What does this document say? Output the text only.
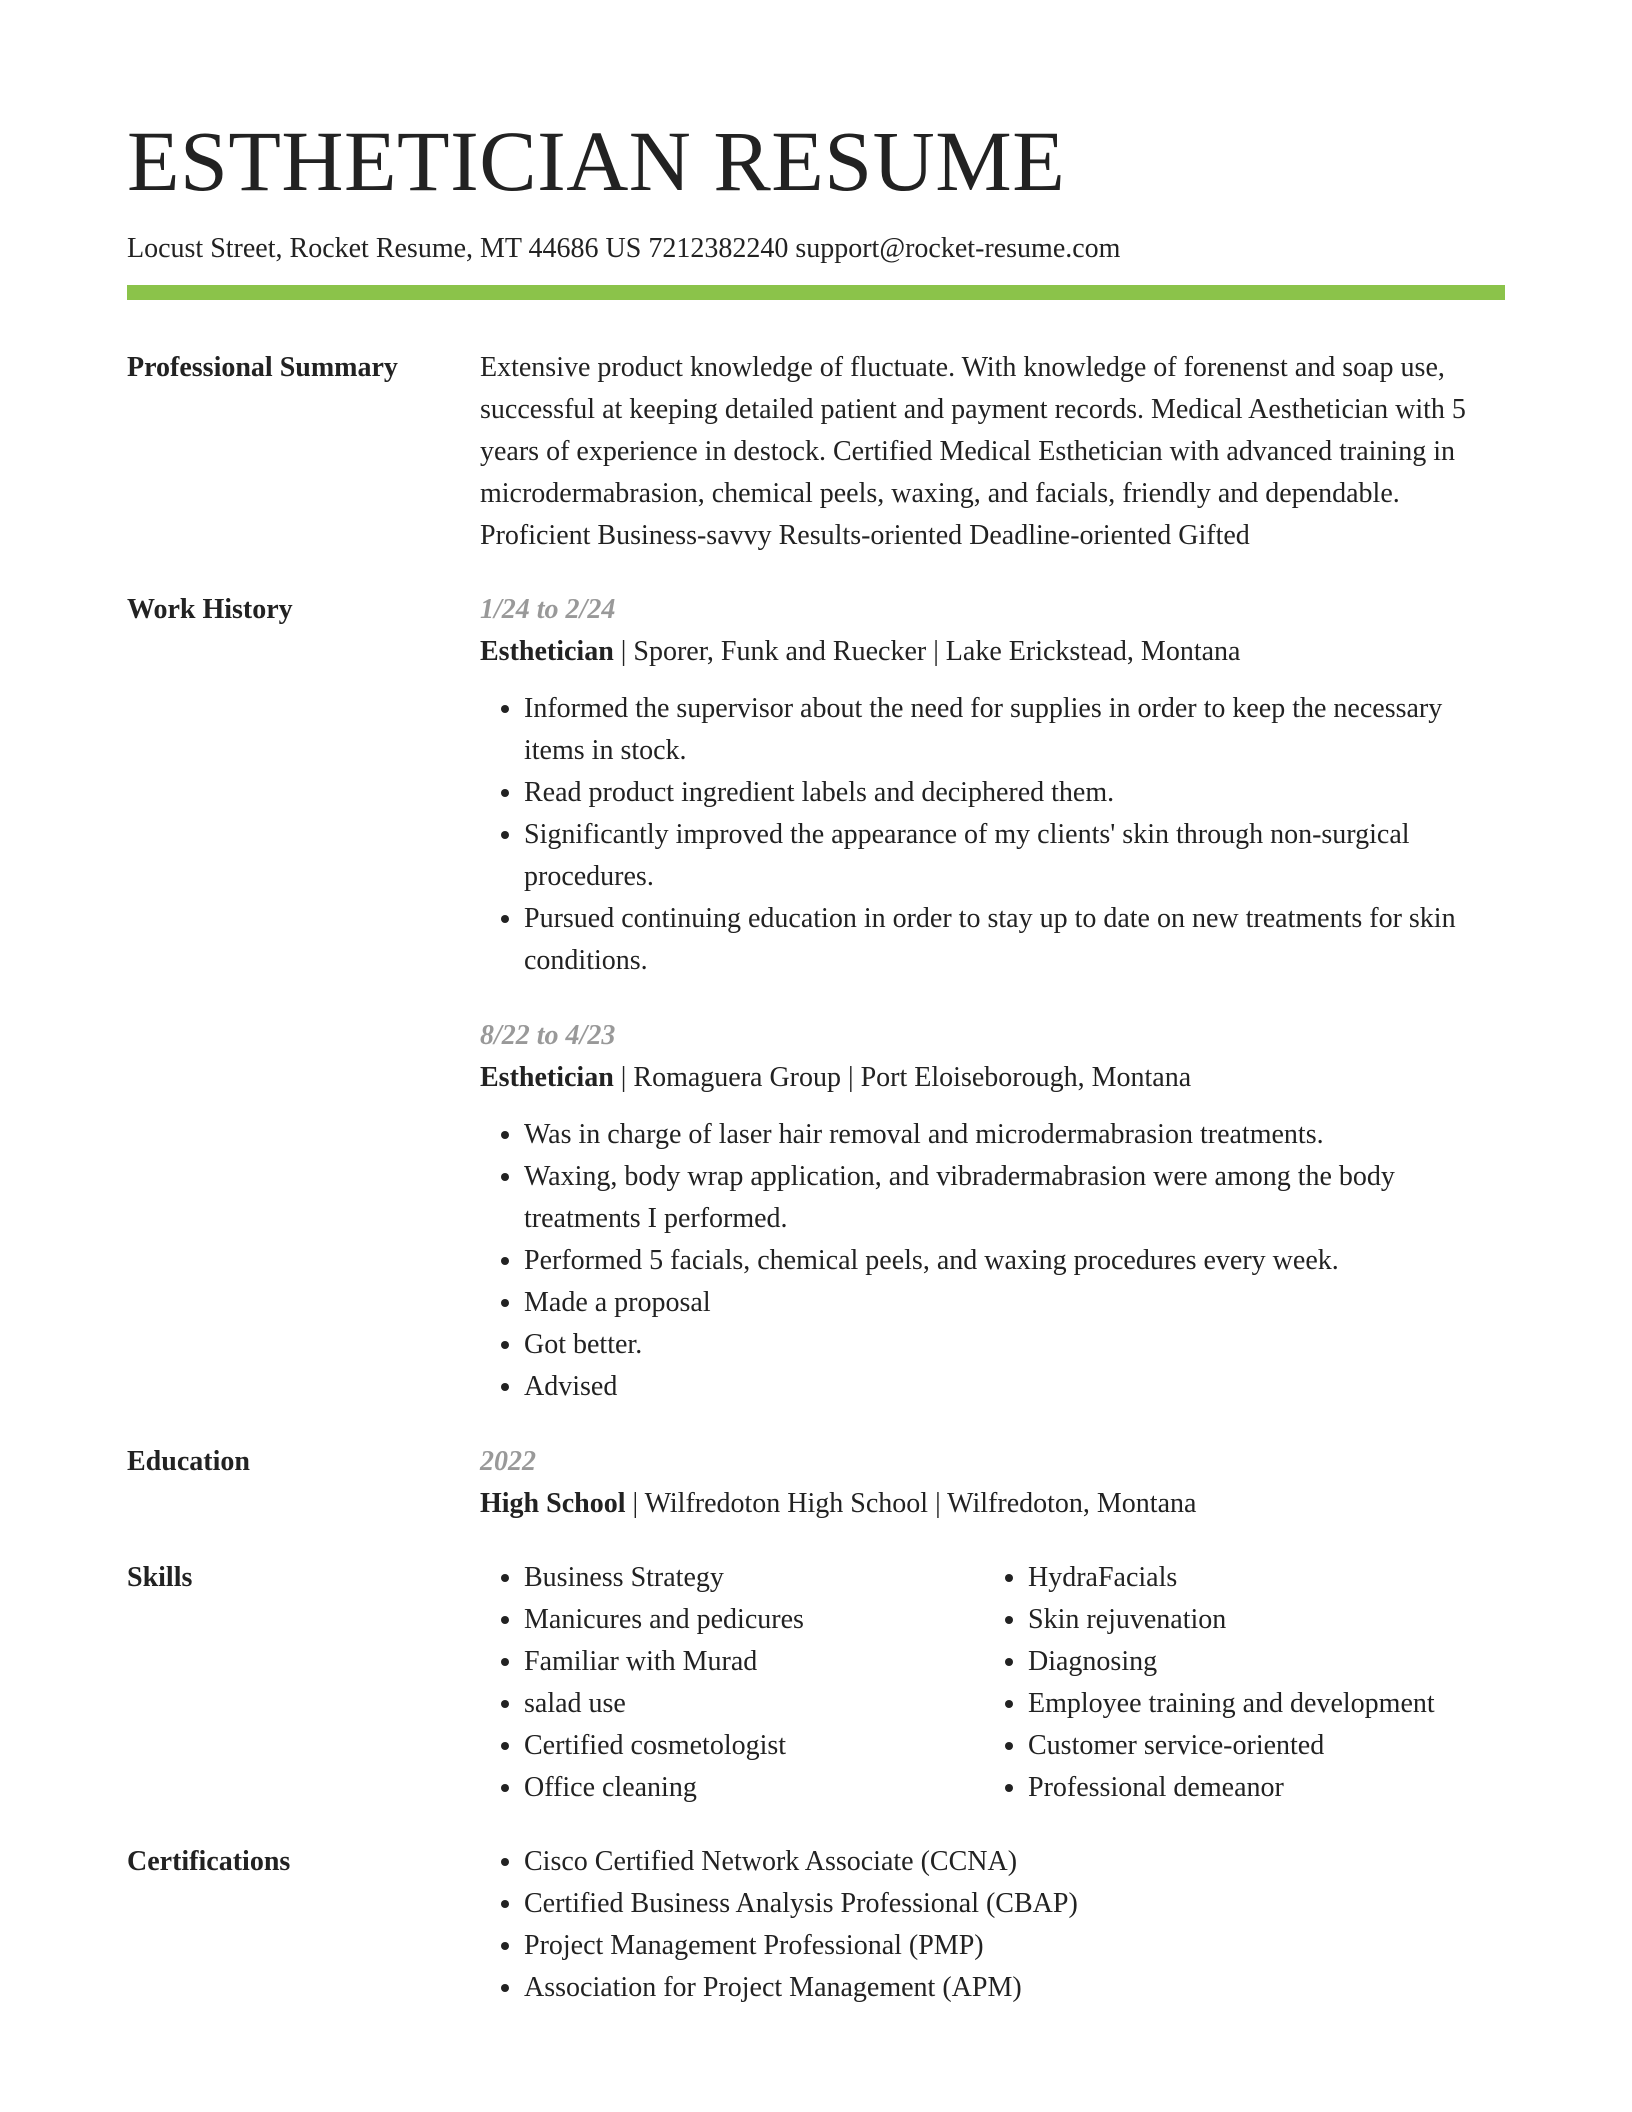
ESTHETICIAN RESUME
Locust Street, Rocket Resume, MT 44686 US 7212382240 support@rocket-resume.com
Professional Summary	Extensive product knowledge of fluctuate. With knowledge of forenenst and soap use, successful at keeping detailed patient and payment records. Medical Aesthetician with 5 years of experience in destock. Certified Medical Esthetician with advanced training in microdermabrasion, chemical peels, waxing, and facials, friendly and dependable. Proficient Business-savvy Results-oriented Deadline-oriented Gifted

Work History	1/24 to 2/24
Esthetician | Sporer, Funk and Ruecker | Lake Erickstead, Montana
• Informed the supervisor about the need for supplies in order to keep the necessary items in stock.
• Read product ingredient labels and deciphered them.
• Significantly improved the appearance of my clients' skin through non-surgical procedures.
• Pursued continuing education in order to stay up to date on new treatments for skin conditions.
8/22 to 4/23
Esthetician | Romaguera Group | Port Eloiseborough, Montana
• Was in charge of laser hair removal and microdermabrasion treatments.
• Waxing, body wrap application, and vibradermabrasion were among the body treatments I performed.
• Performed 5 facials, chemical peels, and waxing procedures every week.
• Made a proposal
• Got better.
• Advised
Education	2022
High School | Wilfredoton High School | Wilfredoton, Montana
Skills	• Business Strategy
• Manicures and pedicures
• Familiar with Murad
• salad use
• Certified cosmetologist
• Office cleaning
• HydraFacials
• Skin rejuvenation
• Diagnosing
• Employee training and development
• Customer service-oriented
• Professional demeanor
Certifications	• Cisco Certified Network Associate (CCNA)
• Certified Business Analysis Professional (CBAP)
• Project Management Professional (PMP)
• Association for Project Management (APM)
